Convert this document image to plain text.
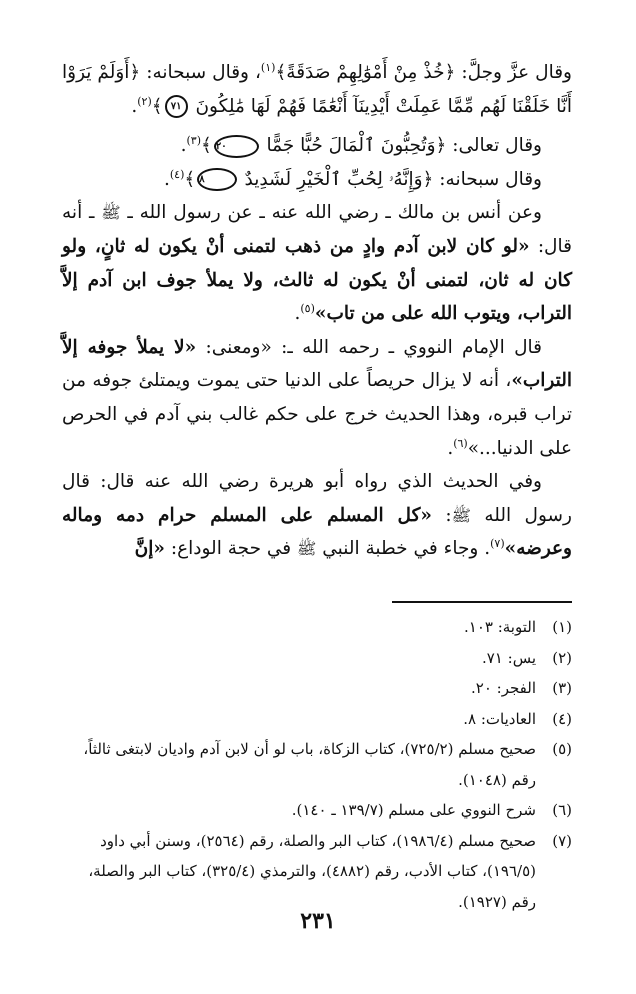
وقال عزَّ وجلَّ: ﴿خُذْ مِنْ أَمْوَٰلِهِمْ صَدَقَةً﴾$^{(١)}$، وقال سبحانه: ﴿أَوَلَمْ يَرَوْا أَنَّا خَلَقْنَا لَهُم مِّمَّا عَمِلَتْ أَيْدِينَآ أَنْعَٰمًا فَهُمْ لَهَا مَٰلِكُونَ ٧١﴾$^{(٢)}$.

وقال تعالى: ﴿وَتُحِبُّونَ ٱلْمَالَ حُبًّا جَمًّا ٢٠﴾$^{(٣)}$.

وقال سبحانه: ﴿وَإِنَّهُۥ لِحُبِّ ٱلْخَيْرِ لَشَدِيدٌ ٨﴾$^{(٤)}$.

وعن أنس بن مالك ـ رضي الله عنه ـ عن رسول الله ـ ﷺ ـ أنه قال: «لو كان لابن آدم وادٍ من ذهب لتمنى أنْ يكون له ثانٍ، ولو كان له ثان، لتمنى أنْ يكون له ثالث، ولا يملأ جوف ابن آدم إلاَّ التراب، ويتوب الله على من تاب»$^{(٥)}$.

قال الإمام النووي ـ رحمه الله ـ: «ومعنى: «لا يملأ جوفه إلاَّ التراب»، أنه لا يزال حريصاً على الدنيا حتى يموت ويمتلئ جوفه من تراب قبره، وهذا الحديث خرج على حكم غالب بني آدم في الحرص على الدنيا...»$^{(٦)}$.

وفي الحديث الذي رواه أبو هريرة رضي الله عنه قال: قال رسول الله ﷺ: «كل المسلم على المسلم حرام دمه وماله وعرضه»$^{(٧)}$. وجاء في خطبة النبي ﷺ في حجة الوداع: «إنَّ

(١)
التوبة: ١٠٣.
(٢)
يس: ٧١.
(٣)
الفجر: ٢٠.
(٤)
العاديات: ٨.
(٥)
صحيح مسلم (٧٢٥/٢)، كتاب الزكاة، باب لو أن لابن آدم واديان لابتغى ثالثاً، رقم (١٠٤٨).
(٦)
شرح النووي على مسلم (١٣٩/٧ ـ ١٤٠).
(٧)
صحيح مسلم (١٩٨٦/٤)، كتاب البر والصلة، رقم (٢٥٦٤)، وسنن أبي داود (١٩٦/٥)، كتاب الأدب، رقم (٤٨٨٢)، والترمذي (٣٢٥/٤)، كتاب البر والصلة، رقم (١٩٢٧).
٢٣١
